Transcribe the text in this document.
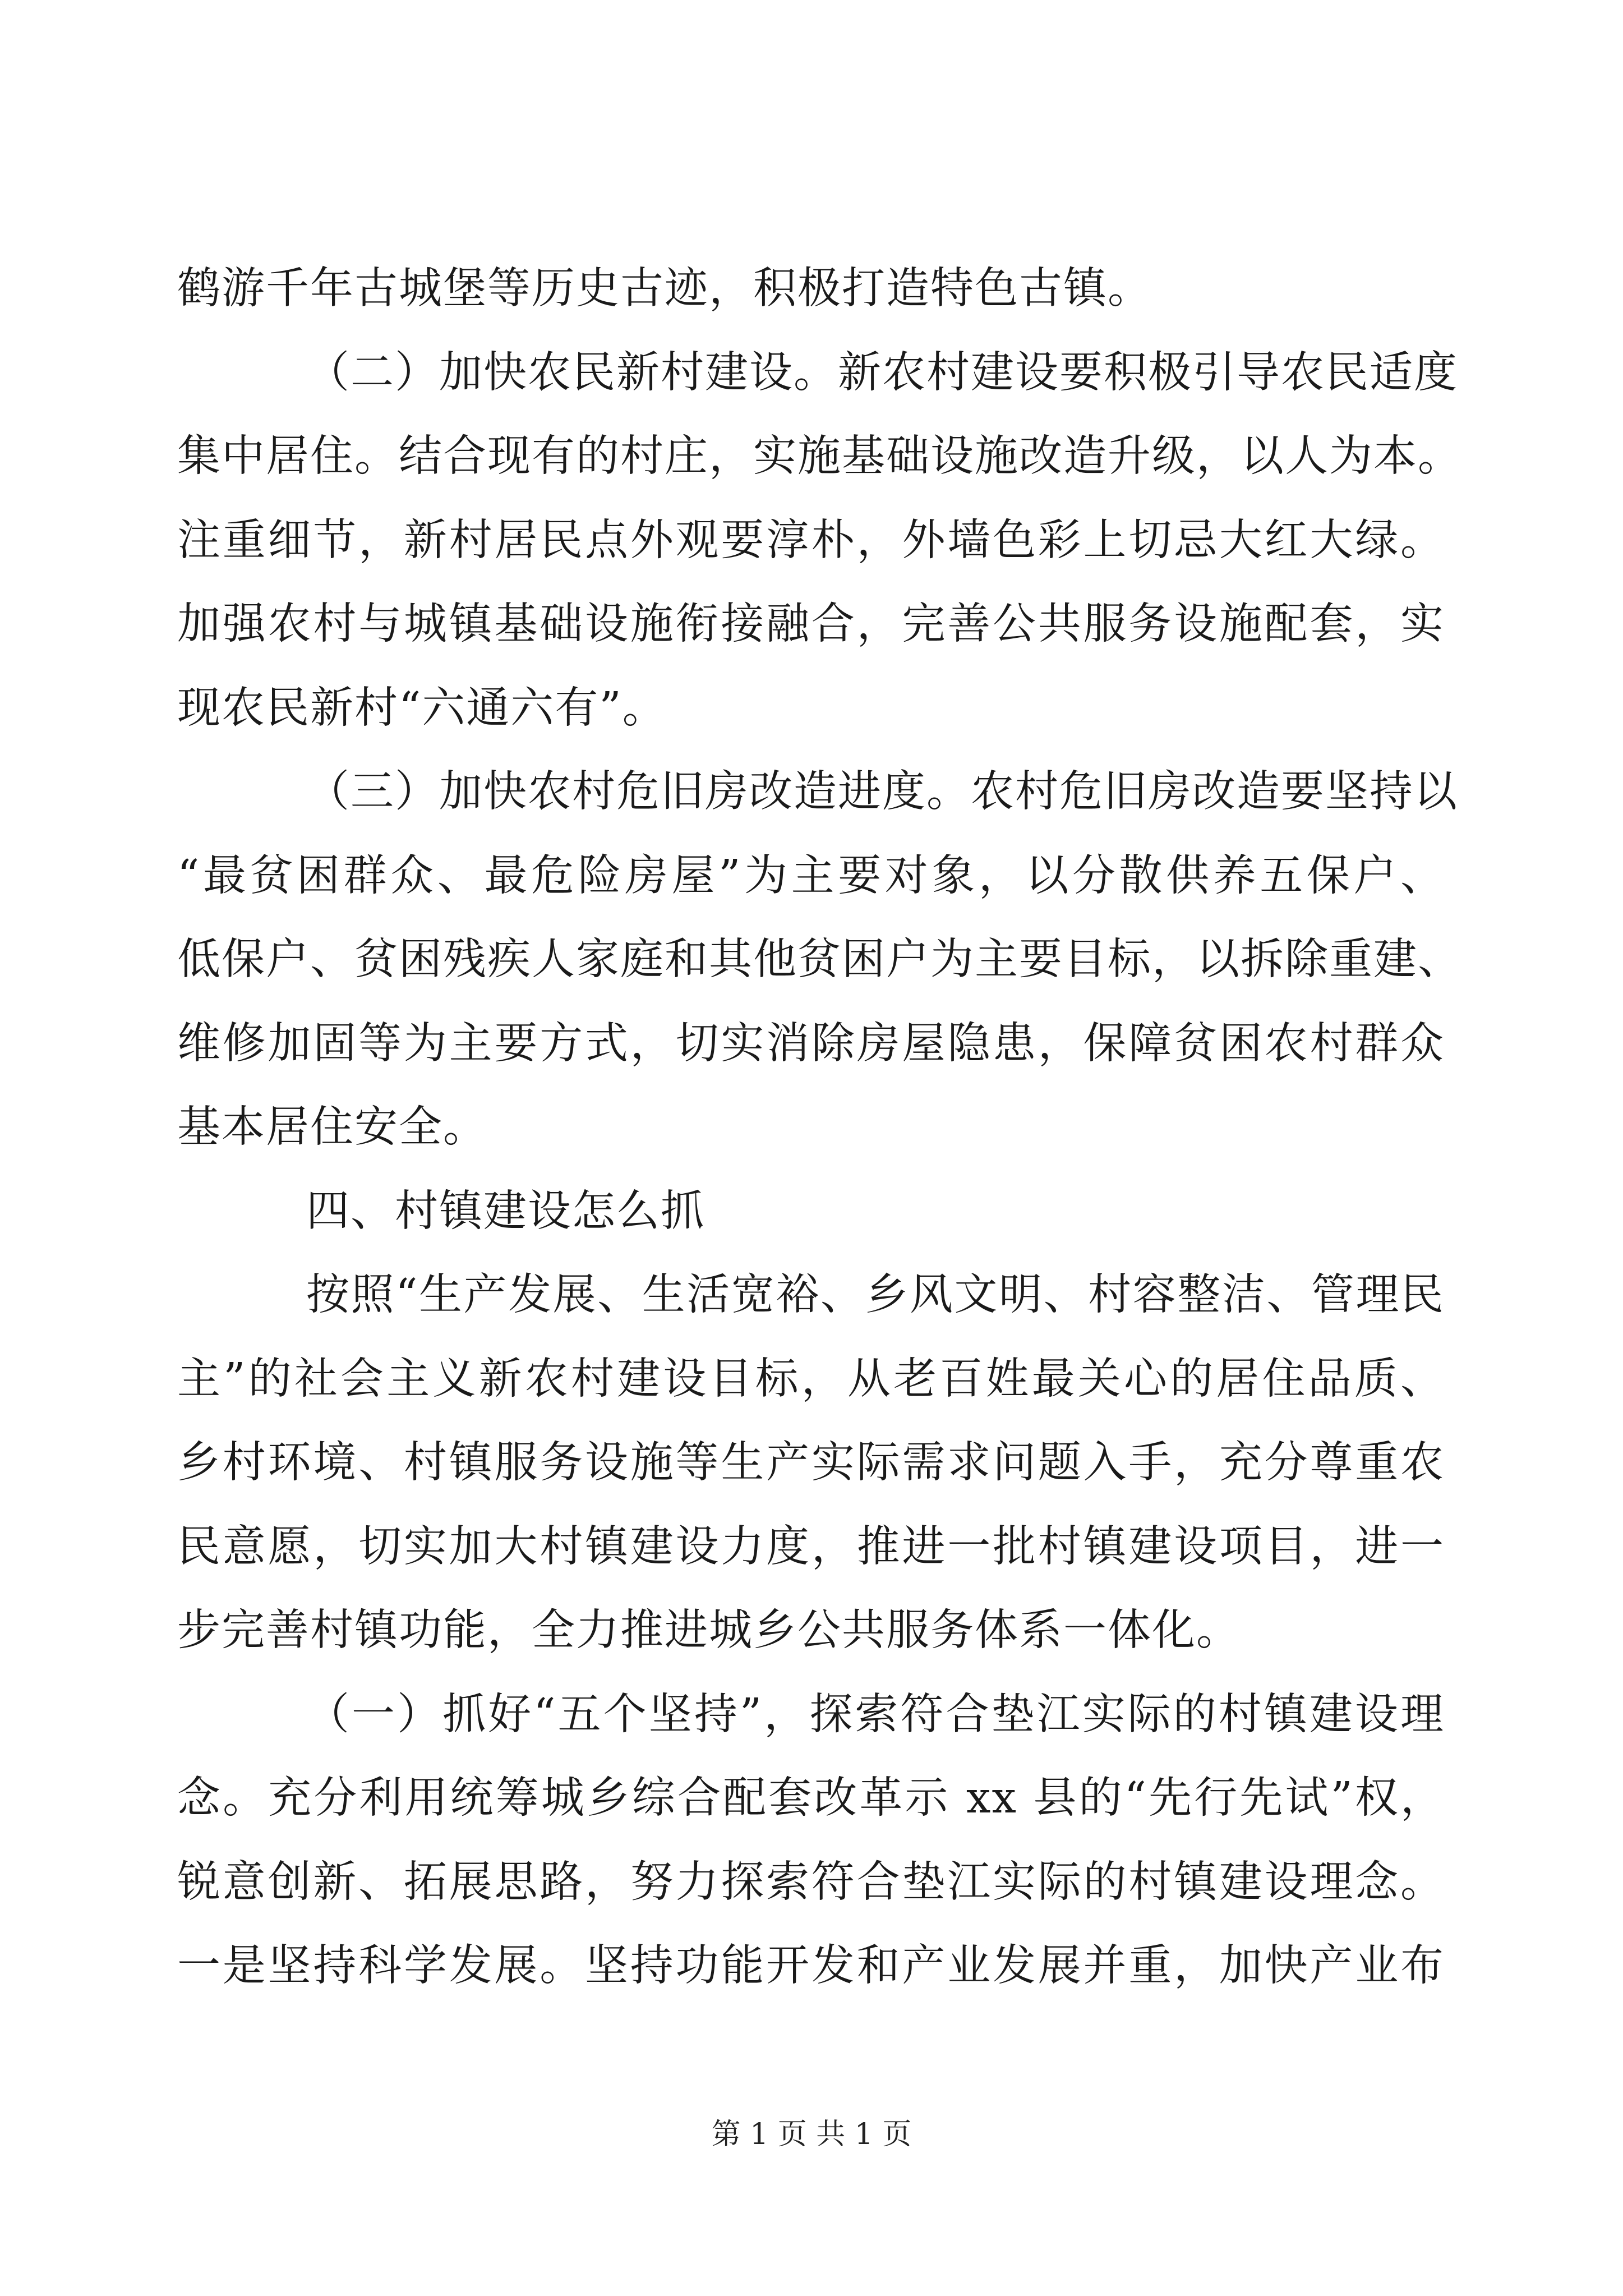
鹤游千年古城堡等历史古迹，积极打造特色古镇。
（二）加快农民新村建设。新农村建设要积极引导农民适度
集中居住。结合现有的村庄，实施基础设施改造升级，以人为本。
注重细节，新村居民点外观要淳朴，外墙色彩上切忌大红大绿。
加强农村与城镇基础设施衔接融合，完善公共服务设施配套，实
现农民新村“六通六有”。
（三）加快农村危旧房改造进度。农村危旧房改造要坚持以
“最贫困群众、最危险房屋”为主要对象，以分散供养五保户、
低保户、贫困残疾人家庭和其他贫困户为主要目标，以拆除重建、
维修加固等为主要方式，切实消除房屋隐患，保障贫困农村群众
基本居住安全。
四、村镇建设怎么抓
按照“生产发展、生活宽裕、乡风文明、村容整洁、管理民
主”的社会主义新农村建设目标，从老百姓最关心的居住品质、
乡村环境、村镇服务设施等生产实际需求问题入手，充分尊重农
民意愿，切实加大村镇建设力度，推进一批村镇建设项目，进一
步完善村镇功能，全力推进城乡公共服务体系一体化。
（一）抓好“五个坚持”，探索符合垫江实际的村镇建设理
念。充分利用统筹城乡综合配套改革示 xx 县的“先行先试”权，
锐意创新、拓展思路，努力探索符合垫江实际的村镇建设理念。
一是坚持科学发展。坚持功能开发和产业发展并重，加快产业布
第 1 页 共 1 页
